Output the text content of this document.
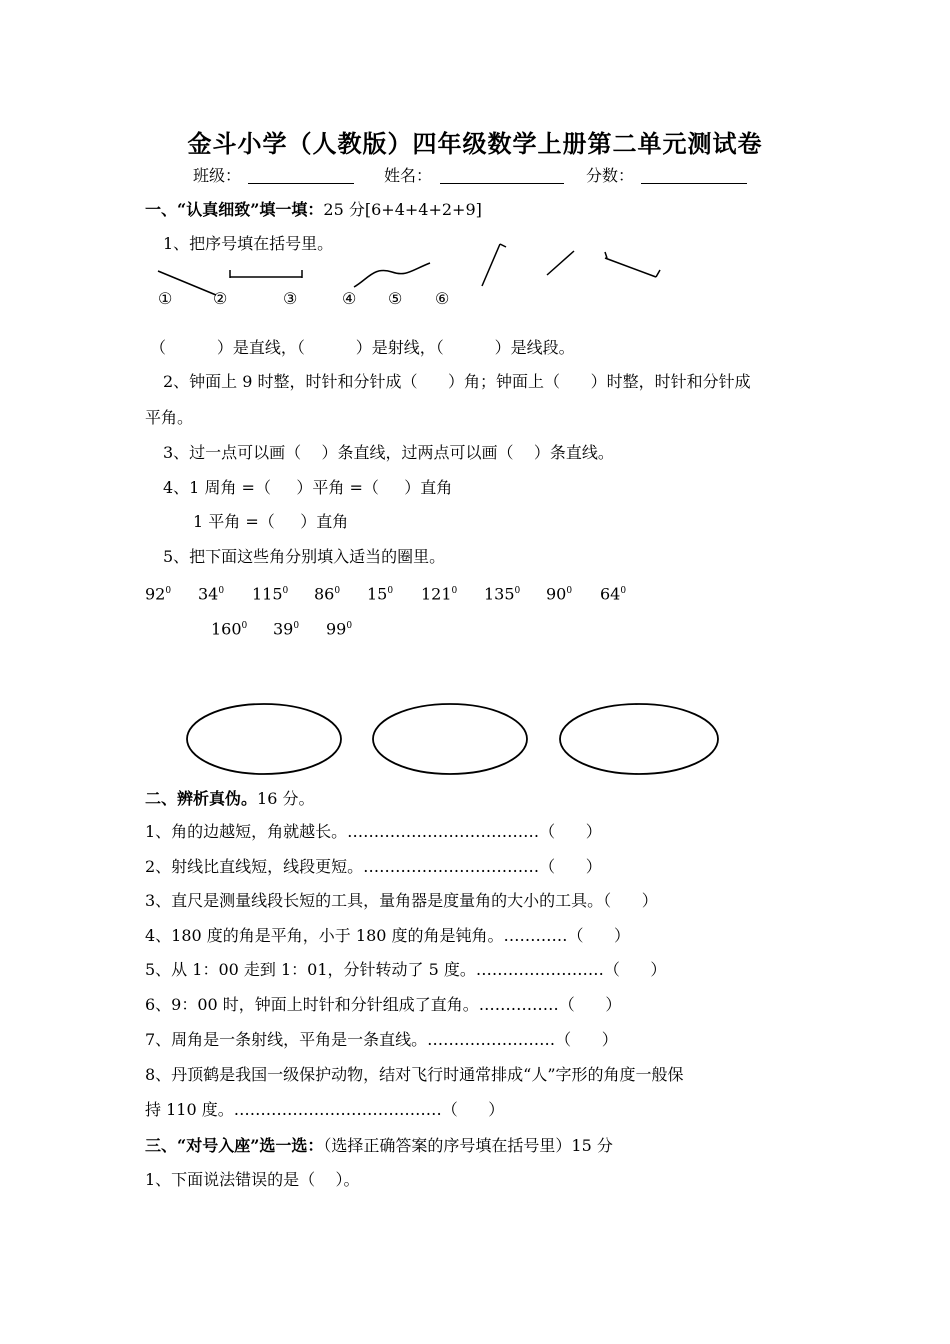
金斗小学（人教版）四年级数学上册第二单元测试卷
班级：	姓名：	分数：
一、“认真细致”填一填：25 分[6+4+4+2+9]
1、把序号填在括号里。
①	②	③	④ ⑤ ⑥
（          ）是直线，（          ）是射线，（          ）是线段。
2、钟面上 9 时整，时针和分针成（      ）角；钟面上（      ）时整，时针和分针成
平角。
3、过一点可以画（    ）条直线，过两点可以画（    ）条直线。
4、1 周角 =（     ）平角 =（     ）直角
1 平角 =（     ）直角
5、把下面这些角分别填入适当的圈里。
$92^0$ $34^0$ $115^0$ $86^0$ $15^0$ $121^0$ $135^0$ $90^0$ $64^0$
$160^0$ $39^0$ $99^0$
二、辨析真伪。16 分。
1、角的边越短，角就越长。………………………………（      ）
2、射线比直线短，线段更短。……………………………（      ）
3、直尺是测量线段长短的工具，量角器是度量角的大小的工具。（      ）
4、180 度的角是平角，小于 180 度的角是钝角。…………（      ）
5、从 1：00 走到 1：01，分针转动了 5 度。……………………（      ）
6、9：00 时，钟面上时针和分针组成了直角。……………（      ）
7、周角是一条射线，平角是一条直线。……………………（      ）
8、丹顶鹤是我国一级保护动物，结对飞行时通常排成“人”字形的角度一般保
持 110 度。…………………………………（      ）
三、“对号入座”选一选：（选择正确答案的序号填在括号里）15 分
1、下面说法错误的是（    ）。
